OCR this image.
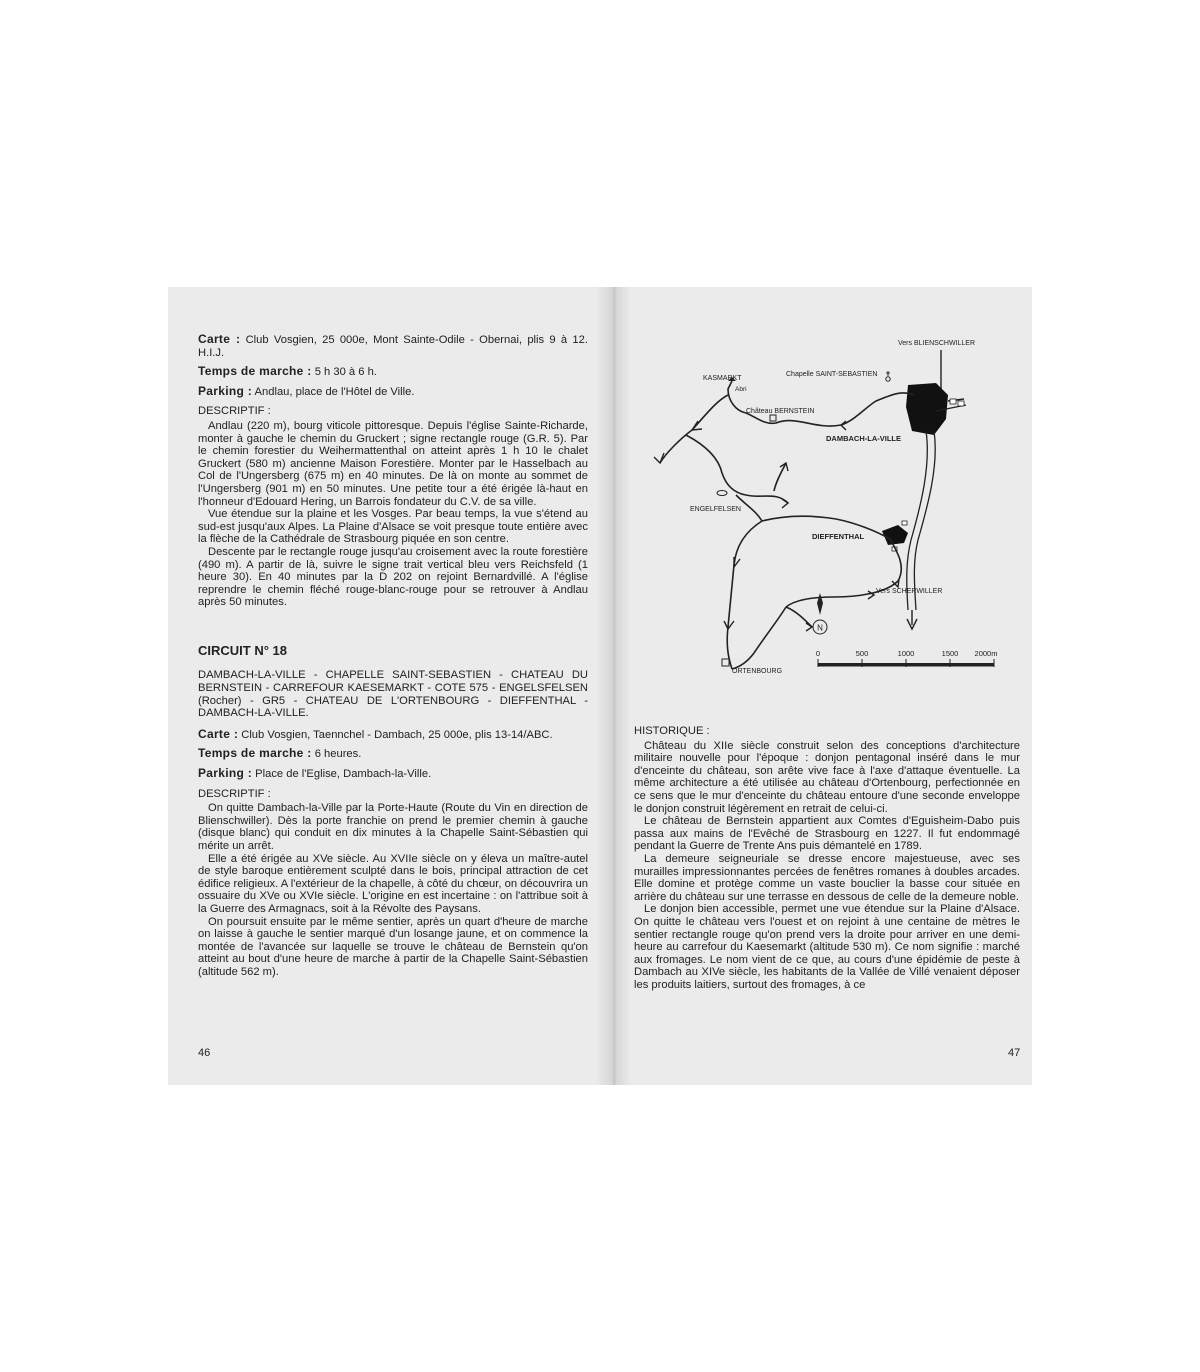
Carte : Club Vosgien, 25 000e, Mont Sainte-Odile - Obernai, plis 9 à 12. H.I.J.

Temps de marche : 5 h 30 à 6 h.

Parking : Andlau, place de l'Hôtel de Ville.

DESCRIPTIF :

Andlau (220 m), bourg viticole pittoresque. Depuis l'église Sainte-Richarde, monter à gauche le chemin du Gruckert ; signe rectangle rouge (G.R. 5). Par le chemin forestier du Weihermattenthal on atteint après 1 h 10 le chalet Gruckert (580 m) ancienne Maison Forestière. Monter par le Hasselbach au Col de l'Ungersberg (675 m) en 40 minutes. De là on monte au sommet de l'Ungersberg (901 m) en 50 minutes. Une petite tour a été érigée là-haut en l'honneur d'Edouard Hering, un Barrois fondateur du C.V. de sa ville.

Vue étendue sur la plaine et les Vosges. Par beau temps, la vue s'étend au sud-est jusqu'aux Alpes. La Plaine d'Alsace se voit presque toute entière avec la flèche de la Cathédrale de Strasbourg piquée en son centre.

Descente par le rectangle rouge jusqu'au croisement avec la route forestière (490 m). A partir de là, suivre le signe trait vertical bleu vers Reichsfeld (1 heure 30). En 40 minutes par la D 202 on rejoint Bernardvillé. A l'église reprendre le chemin fléché rouge-blanc-rouge pour se retrouver à Andlau après 50 minutes.

CIRCUIT N° 18

DAMBACH-LA-VILLE - CHAPELLE SAINT-SEBASTIEN - CHATEAU DU BERNSTEIN - CARREFOUR KAESEMARKT - COTE 575 - ENGELSFELSEN (Rocher) - GR5 - CHATEAU DE L'ORTENBOURG - DIEFFENTHAL - DAMBACH-LA-VILLE.

Carte : Club Vosgien, Taennchel - Dambach, 25 000e, plis 13-14/ABC.

Temps de marche : 6 heures.

Parking : Place de l'Eglise, Dambach-la-Ville.

DESCRIPTIF :

On quitte Dambach-la-Ville par la Porte-Haute (Route du Vin en direction de Blienschwiller). Dès la porte franchie on prend le premier chemin à gauche (disque blanc) qui conduit en dix minutes à la Chapelle Saint-Sébastien qui mérite un arrêt.

Elle a été érigée au XVe siècle. Au XVIIe siècle on y éleva un maître-autel de style baroque entièrement sculpté dans le bois, principal attraction de cet édifice religieux. A l'extérieur de la chapelle, à côté du chœur, on découvrira un ossuaire du XVe ou XVIe siècle. L'origine en est incertaine : on l'attribue soit à la Guerre des Armagnacs, soit à la Révolte des Paysans.

On poursuit ensuite par le même sentier, après un quart d'heure de marche on laisse à gauche le sentier marqué d'un losange jaune, et on commence la montée de l'avancée sur laquelle se trouve le château de Bernstein qu'on atteint au bout d'une heure de marche à partir de la Chapelle Saint-Sébastien (altitude 562 m).

46
N
0	500	1000	1500 2000m
Vers BLIENSCHWILLER
Chapelle SAINT-SEBASTIEN
KASMARKT
Abri
Château BERNSTEIN
DAMBACH-LA-VILLE
ENGELFELSEN
DIEFFENTHAL
Vers SCHERWILLER
ORTENBOURG

HISTORIQUE :

Château du XIIe siècle construit selon des conceptions d'architecture militaire nouvelle pour l'époque : donjon pentagonal inséré dans le mur d'enceinte du château, son arête vive face à l'axe d'attaque éventuelle. La même architecture a été utilisée au château d'Ortenbourg, perfectionnée en ce sens que le mur d'enceinte du château entoure d'une seconde enveloppe le donjon construit légèrement en retrait de celui-ci.

Le château de Bernstein appartient aux Comtes d'Eguisheim-Dabo puis passa aux mains de l'Evêché de Strasbourg en 1227. Il fut endommagé pendant la Guerre de Trente Ans puis démantelé en 1789.

La demeure seigneuriale se dresse encore majestueuse, avec ses murailles impressionnantes percées de fenêtres romanes à doubles arcades. Elle domine et protège comme un vaste bouclier la basse cour située en arrière du château sur une terrasse en dessous de celle de la demeure noble.

Le donjon bien accessible, permet une vue étendue sur la Plaine d'Alsace. On quitte le château vers l'ouest et on rejoint à une centaine de mètres le sentier rectangle rouge qu'on prend vers la droite pour arriver en une demi-heure au carrefour du Kaesemarkt (altitude 530 m). Ce nom signifie : marché aux fromages. Le nom vient de ce que, au cours d'une épidémie de peste à Dambach au XIVe siècle, les habitants de la Vallée de Villé venaient déposer les produits laitiers, surtout des fromages, à ce

47
